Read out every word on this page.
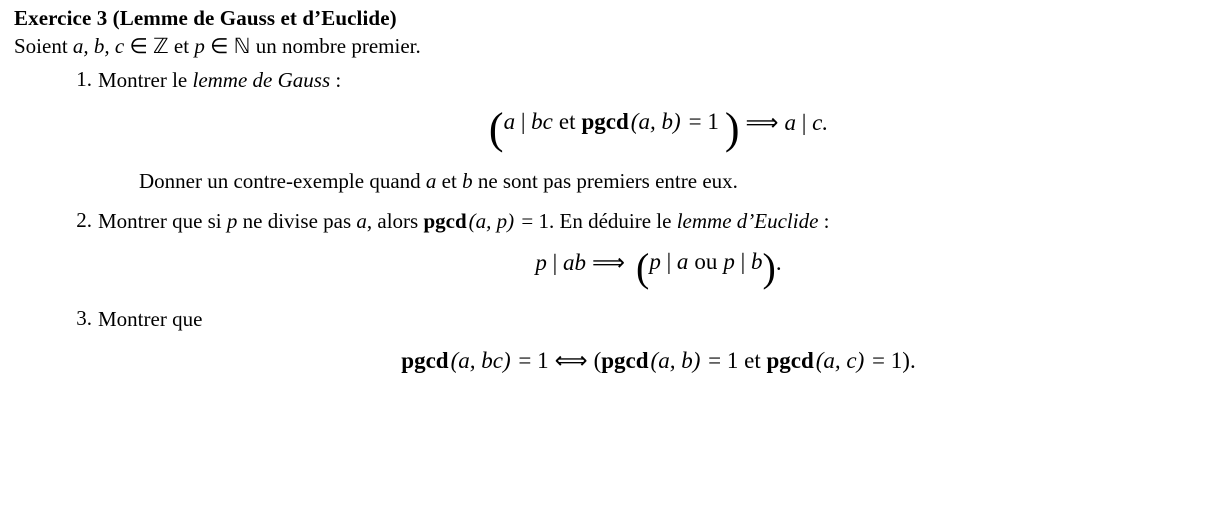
Exercice 3 (Lemme de Gauss et d’Euclide)
Soient a, b, c ∈ ℤ et p ∈ ℕ un nombre premier.
1. Montrer le lemme de Gauss :
(a | bc et pgcd(a, b) = 1 ) ⟹ a | c.
Donner un contre-exemple quand a et b ne sont pas premiers entre eux.
2. Montrer que si p ne divise pas a, alors pgcd(a, p) = 1. En déduire le lemme d’Euclide :
p | ab ⟹ (p | a ou p | b).
3. Montrer que
pgcd(a, bc) = 1 ⟺ (pgcd(a, b) = 1 et pgcd(a, c) = 1).
